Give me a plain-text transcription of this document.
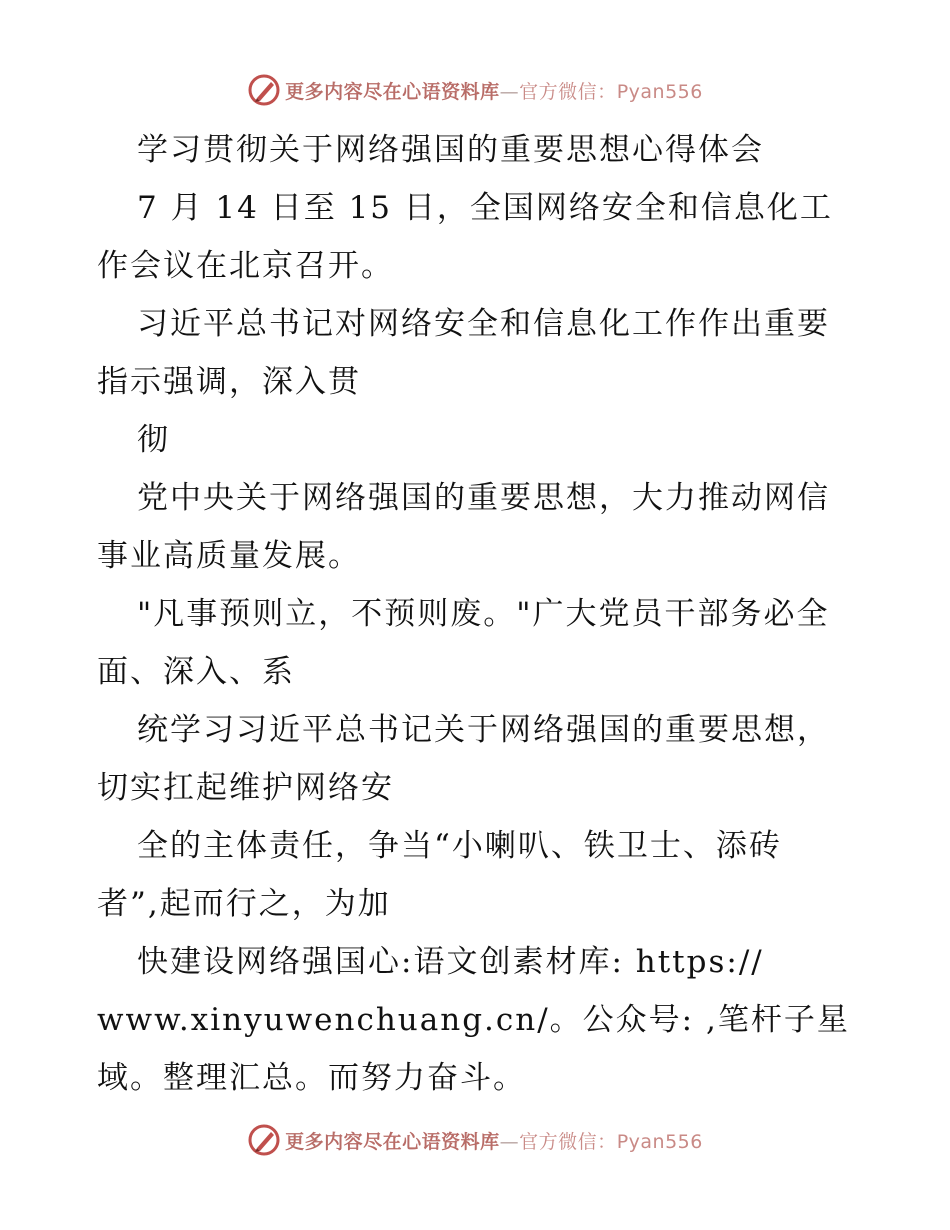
更多内容尽在心语资料库—官方微信：Pyan556
学习贯彻关于网络强国的重要思想心得体会
7 月 14 日至 15 日，全国网络安全和信息化工
作会议在北京召开。
习近平总书记对网络安全和信息化工作作出重要
指示强调，深入贯
彻
党中央关于网络强国的重要思想，大力推动网信
事业高质量发展。
"凡事预则立，不预则废。"广大党员干部务必全
面、深入、系
统学习习近平总书记关于网络强国的重要思想，
切实扛起维护网络安
全的主体责任，争当“小喇叭、铁卫士、添砖
者”,起而行之，为加
快建设网络强国心:语文创素材库: https://
www.xinyuwenchuang.cn/。公众号: ,笔杆子星
域。整理汇总。而努力奋斗。
更多内容尽在心语资料库—官方微信：Pyan556
